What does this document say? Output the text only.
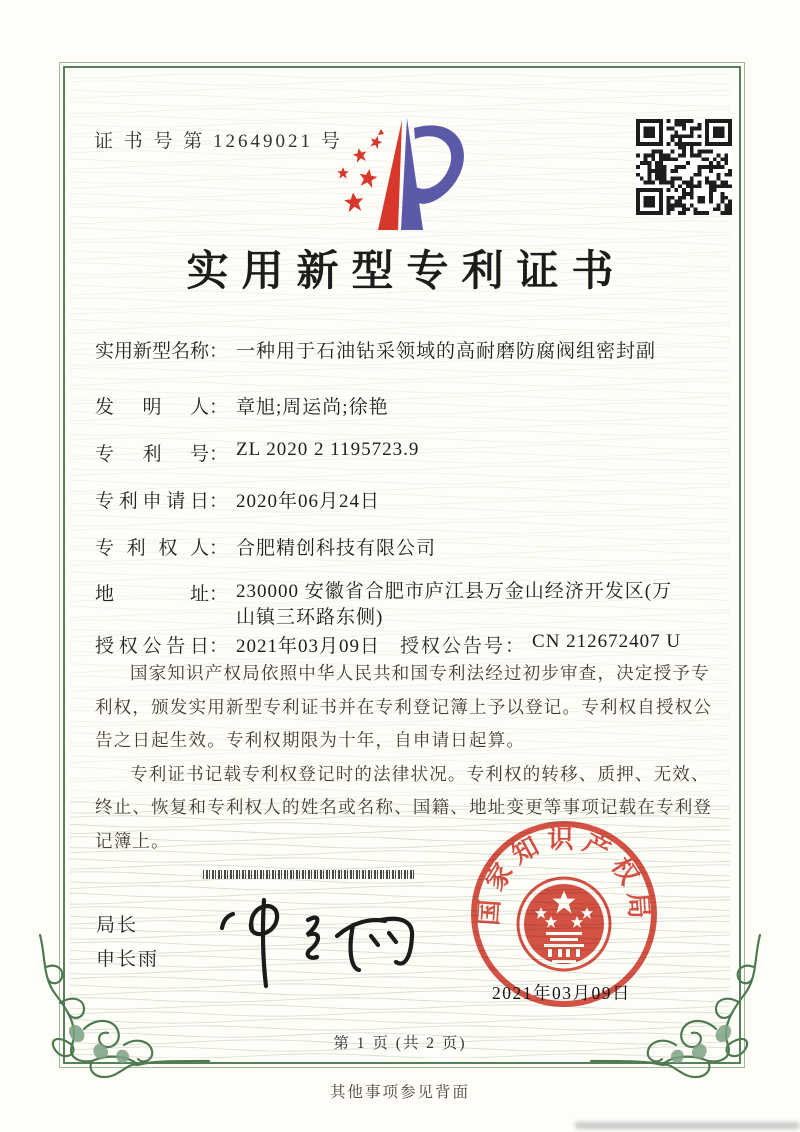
证 书 号 第 12649021 号
实用新型专利证书
实用新型名称 ： 一种用于石油钻采领域的高耐磨防腐阀组密封副
发明人 ： 章旭;周运尚;徐艳
专利号 ： ZL 2020 2 1195723.9
专利申请日 ： 2020年06月24日
专利权人 ： 合肥精创科技有限公司
地址 ： 230000 安徽省合肥市庐江县万金山经济开发区(万山镇三环路东侧)
授权公告日 ： 2021年03月09日 授权公告号 ： CN 212672407 U

国家知识产权局依照中华人民共和国专利法经过初步审查，决定授予专利权，颁发实用新型专利证书并在专利登记簿上予以登记。专利权自授权公告之日起生效。专利权期限为十年，自申请日起算。

专利证书记载专利权登记时的法律状况。专利权的转移、质押、无效、终止、恢复和专利权人的姓名或名称、国籍、地址变更等事项记载在专利登记簿上。

局长
申长雨
国家知识产权局
2021年03月09日
第 1 页 (共 2 页)
其他事项参见背面
